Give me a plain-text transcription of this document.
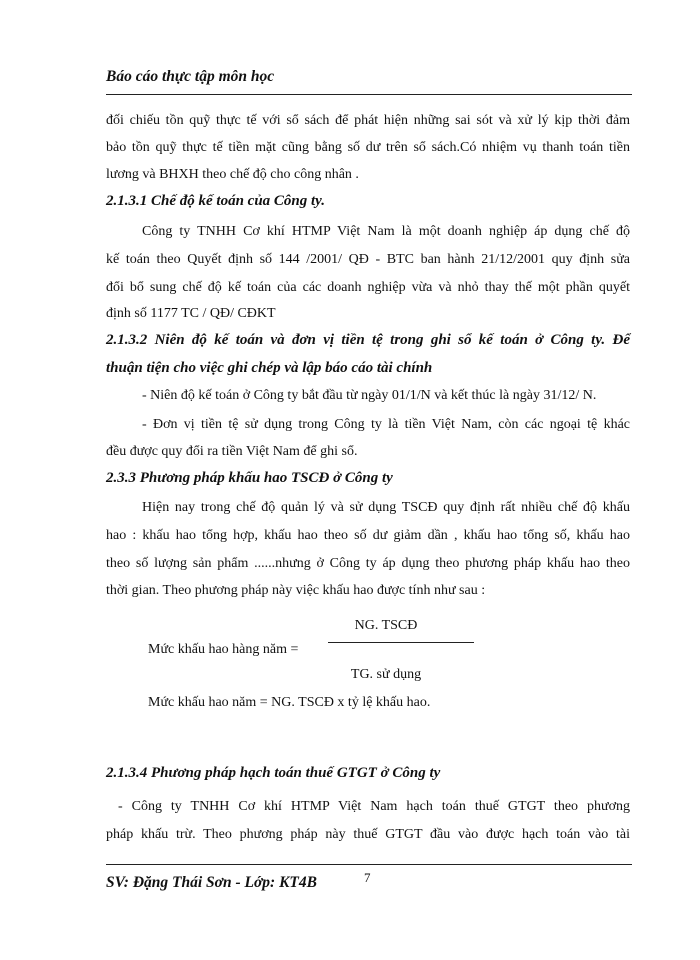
Báo cáo thực tập môn học
đối chiếu tồn quỹ thực tế với sổ sách để phát hiện những sai sót và xử lý kịp thời đảm
bảo tồn quỹ thực tế tiền mặt cũng bằng số dư trên sổ sách.Có nhiệm vụ thanh toán tiền
lương và BHXH theo chế độ cho công nhân .
2.1.3.1 Chế độ kế toán của Công ty.
Công ty TNHH Cơ khí HTMP Việt Nam là một doanh nghiệp áp dụng chế độ
kế toán theo Quyết định số 144 /2001/ QĐ - BTC ban hành 21/12/2001 quy định sửa
đổi bổ sung chế độ kế toán của các doanh nghiệp vừa và nhỏ thay thế một phần quyết
định số 1177 TC / QĐ/ CĐKT
2.1.3.2 Niên độ kế toán và đơn vị tiền tệ trong ghi sổ kế toán ở Công ty. Để
thuận tiện cho việc ghi chép và lập báo cáo tài chính
- Niên độ kế toán ở Công ty bắt đầu từ ngày 01/1/N và kết thúc là ngày 31/12/ N.
- Đơn vị tiền tệ sử dụng trong Công ty là tiền Việt Nam, còn các ngoại tệ khác
đều được quy đổi ra tiền Việt Nam để ghi sổ.
2.3.3 Phương pháp khấu hao TSCĐ ở Công ty
Hiện nay trong chế độ quản lý và sử dụng TSCĐ quy định rất nhiều chế độ khấu
hao : khấu hao tổng hợp, khấu hao theo số dư giảm dần , khấu hao tổng số, khấu hao
theo số lượng sản phẩm ......nhưng ở Công ty áp dụng theo phương pháp khấu hao theo
thời gian. Theo phương pháp này việc khấu hao được tính như sau :
NG. TSCĐ
Mức khấu hao hàng năm =
TG. sử dụng
Mức khấu hao năm = NG. TSCĐ x tỷ lệ khấu hao.
2.1.3.4 Phương pháp hạch toán thuế GTGT ở Công ty
- Công ty TNHH Cơ khí HTMP Việt Nam hạch toán thuế GTGT theo phương
pháp khấu trừ. Theo phương pháp này thuế GTGT đầu vào được hạch toán vào tài
SV: Đặng Thái Sơn - Lớp: KT4B	7
